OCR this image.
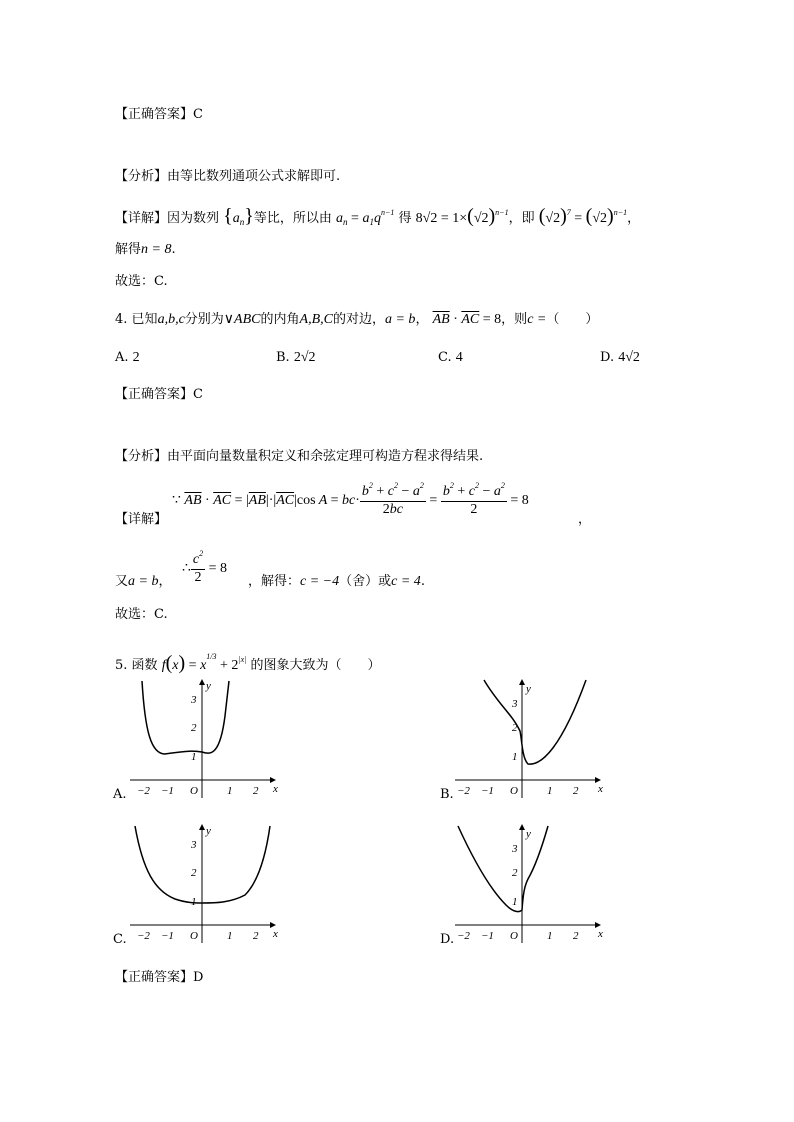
【正确答案】C
【分析】由等比数列通项公式求解即可.
【详解】因为数列 $\{a_n\}$等比，所以由 $a_n = a_1q^{n-1}$ 得 $8√2 = 1\times(√2)^{n-1}$，即 $(√2)^7 = (√2)^{n-1}$，
解得n = 8.
故选：C.
4. 已知a,b,c分别为∨ABC的内角A,B,C的对边，a = b， $\overline{AB} \cdot \overline{AC} = 8$，则c =（　　）
A. 2	B. 2√2	C. 4	D. 4√2
【正确答案】C
【分析】由平面向量数量积定义和余弦定理可构造方程求得结果.
【详解】
∵ $\overline{AB} \cdot \overline{AC} = |\overline{AB}|\cdot|\overline{AC}|\cos$ $A = bc\cdot \frac{b^2 + c^2 - a^2}{2bc} = \frac{b^2 + c^2 - a^2}{2} = 8$
，
又a = b，
∴ $\frac{c^2}{2} = 8$
，解得：c = −4（舍）或c = 4.
故选：C.
5. 函数 $f(x) = x^{1/3} + 2^{|x|}$ 的图象大致为（　　）
A. −2 −1 O	1 2
1
2
3
x
y
B. −2 −1 O	1 2
1
2
3
x
y
C. −2 −1 O	1 2
1
2
3
x
y
D. −2 −1 O	1 2
1
2
3
x
y
【正确答案】D
